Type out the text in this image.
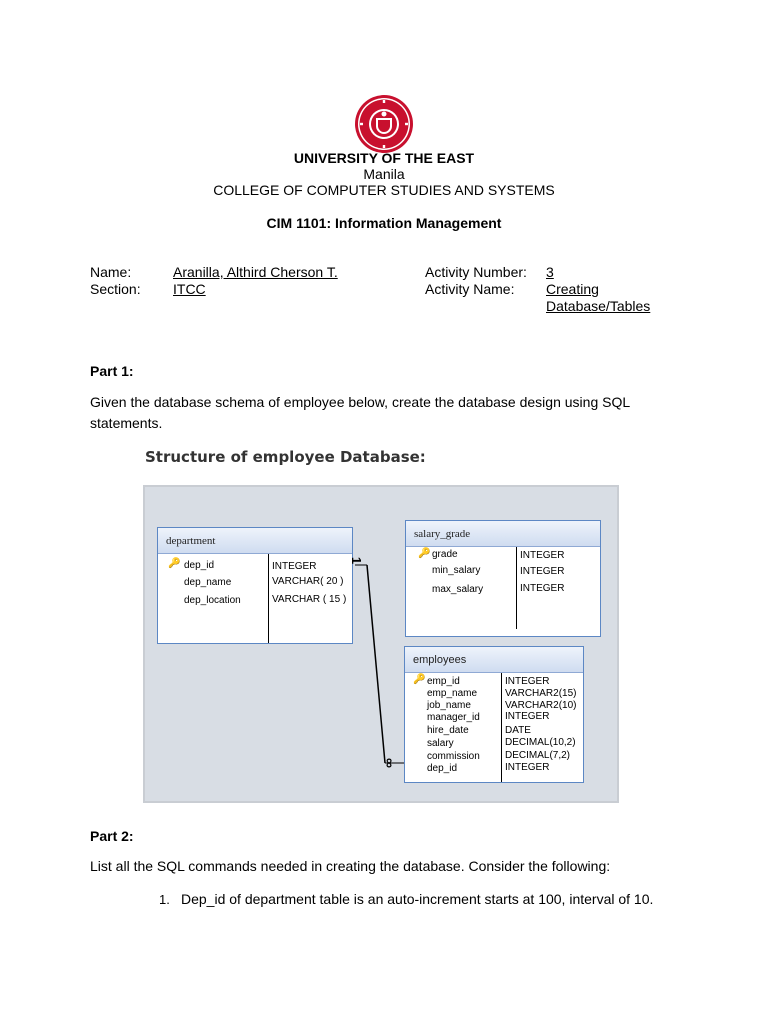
UNIVERSITY OF THE EAST
Manila
COLLEGE OF COMPUTER STUDIES AND SYSTEMS
CIM 1101: Information Management
Name:	Aranilla, Althird Cherson T.
Section: ITCC
Activity Number: 3
Activity Name: Creating
Database/Tables
Part 1:
Given the database schema of employee below, create the database design using SQL
statements.
Structure of employee Database:
department
🔑 dep_id	INTEGER
dep_name	VARCHAR( 20 )
dep_location	VARCHAR ( 15 )
salary_grade
🔑 grade	INTEGER
min_salary	INTEGER
max_salary	INTEGER
employees
🔑 emp_id	INTEGER
emp_name	VARCHAR2(15)
job_name	VARCHAR2(10)
manager_id	INTEGER
hire_date	DATE
salary	DECIMAL(10,2)
commission	DECIMAL(7,2)
dep_id	INTEGER
1
∞
Part 2:
List all the SQL commands needed in creating the database. Consider the following:
1. Dep_id of department table is an auto-increment starts at 100, interval of 10.
